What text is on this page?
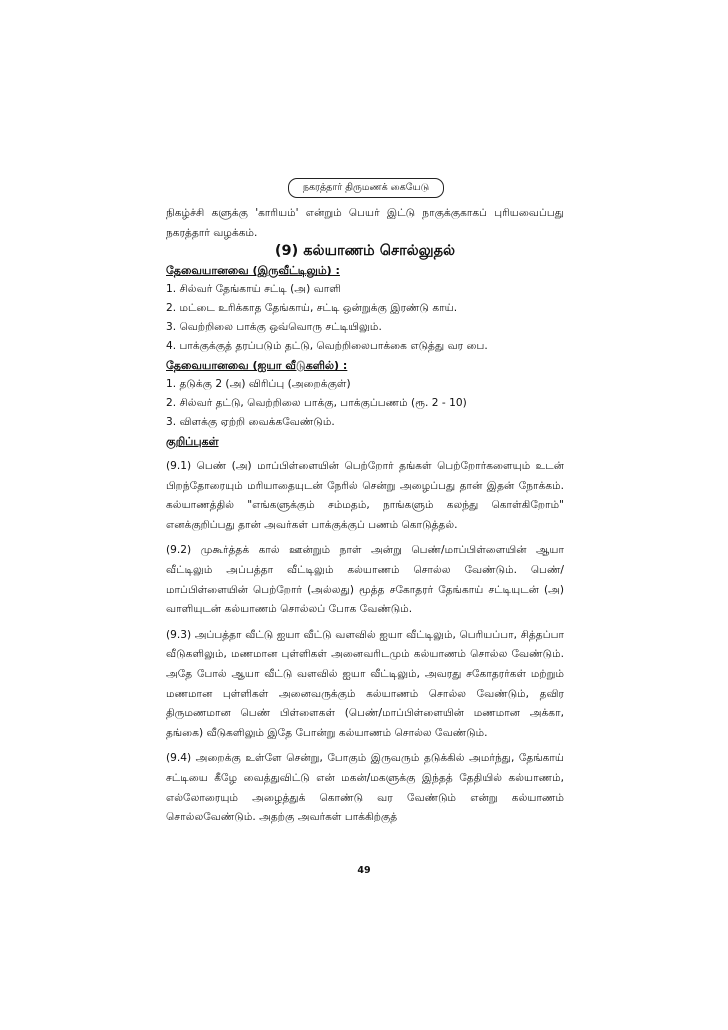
நகரத்தார் திருமணக் கையேடு

நிகழ்ச்சி களுக்கு 'காரியம்' என்றும் பெயர் இட்டு நாகுக்குகாகப் புரியவைப்பது நகரத்தார் வழக்கம்.

(9) கல்யாணம் சொல்லுதல்
தேவையானவை (இருவீட்டிலும்) :
1. சில்வர் தேங்காய் சட்டி (அ) வாளி
2. மட்டை உரிக்காத தேங்காய், சட்டி ஒன்றுக்கு இரண்டு காய்.
3. வெற்றிலை பாக்கு ஒவ்வொரு சட்டியிலும்.
4. பாக்குக்குத் தரப்படும் தட்டு, வெற்றிலைபாக்கை எடுத்து வர பை.
தேவையானவை (ஐயா வீடுகளில்) :
1. தடுக்கு 2 (அ) விரிப்பு (அறைக்குள்)
2. சில்வர் தட்டு, வெற்றிலை பாக்கு, பாக்குப்பணம் (ரூ. 2 - 10)
3. விளக்கு ஏற்றி வைக்கவேண்டும்.
குறிப்புகள்

(9.1) பெண் (அ) மாப்பிள்ளையின் பெற்றோர் தங்கள் பெற்றோர்களையும் உடன் பிறந்தோரையும் மரியாதையுடன் நேரில் சென்று அழைப்பது தான் இதன் நோக்கம். கல்யாணத்தில் "எங்களுக்கும் சம்மதம், நாங்களும் கலந்து கொள்கிறோம்" எனக்குறிப்பது தான் அவர்கள் பாக்குக்குப் பணம் கொடுத்தல்.

(9.2) முகூர்த்தக் கால் ஊன்றும் நாள் அன்று பெண்/மாப்பிள்ளையின் ஆயா வீட்டிலும் அப்பத்தா வீட்டிலும் கல்யாணம் சொல்ல வேண்டும். பெண்/ மாப்பிள்ளையின் பெற்றோர் (அல்லது) மூத்த சகோதரர் தேங்காய் சட்டியுடன் (அ) வாளியுடன் கல்யாணம் சொல்லப் போக வேண்டும்.

(9.3) அப்பத்தா வீட்டு ஐயா வீட்டு வளவில் ஐயா வீட்டிலும், பெரியப்பா, சித்தப்பா வீடுகளிலும், மணமான புள்ளிகள் அனைவரிடமும் கல்யாணம் சொல்ல வேண்டும். அதே போல் ஆயா வீட்டு வளவில் ஐயா வீட்டிலும், அவரது சகோதரர்கள் மற்றும் மணமான புள்ளிகள் அனைவருக்கும் கல்யாணம் சொல்ல வேண்டும், தவிர திருமணமான பெண் பிள்ளைகள் (பெண்/மாப்பிள்ளையின் மணமான அக்கா, தங்கை) வீடுகளிலும் இதே போன்று கல்யாணம் சொல்ல வேண்டும்.

(9.4) அறைக்கு உள்ளே சென்று, போகும் இருவரும் தடுக்கில் அமர்ந்து, தேங்காய் சட்டியை கீழே வைத்துவிட்டு என் மகன்/மகளுக்கு இந்தத் தேதியில் கல்யாணம், எல்லோரையும் அழைத்துக் கொண்டு வர வேண்டும் என்று கல்யாணம் சொல்லவேண்டும். அதற்கு அவர்கள் பாக்கிற்குத்

49
